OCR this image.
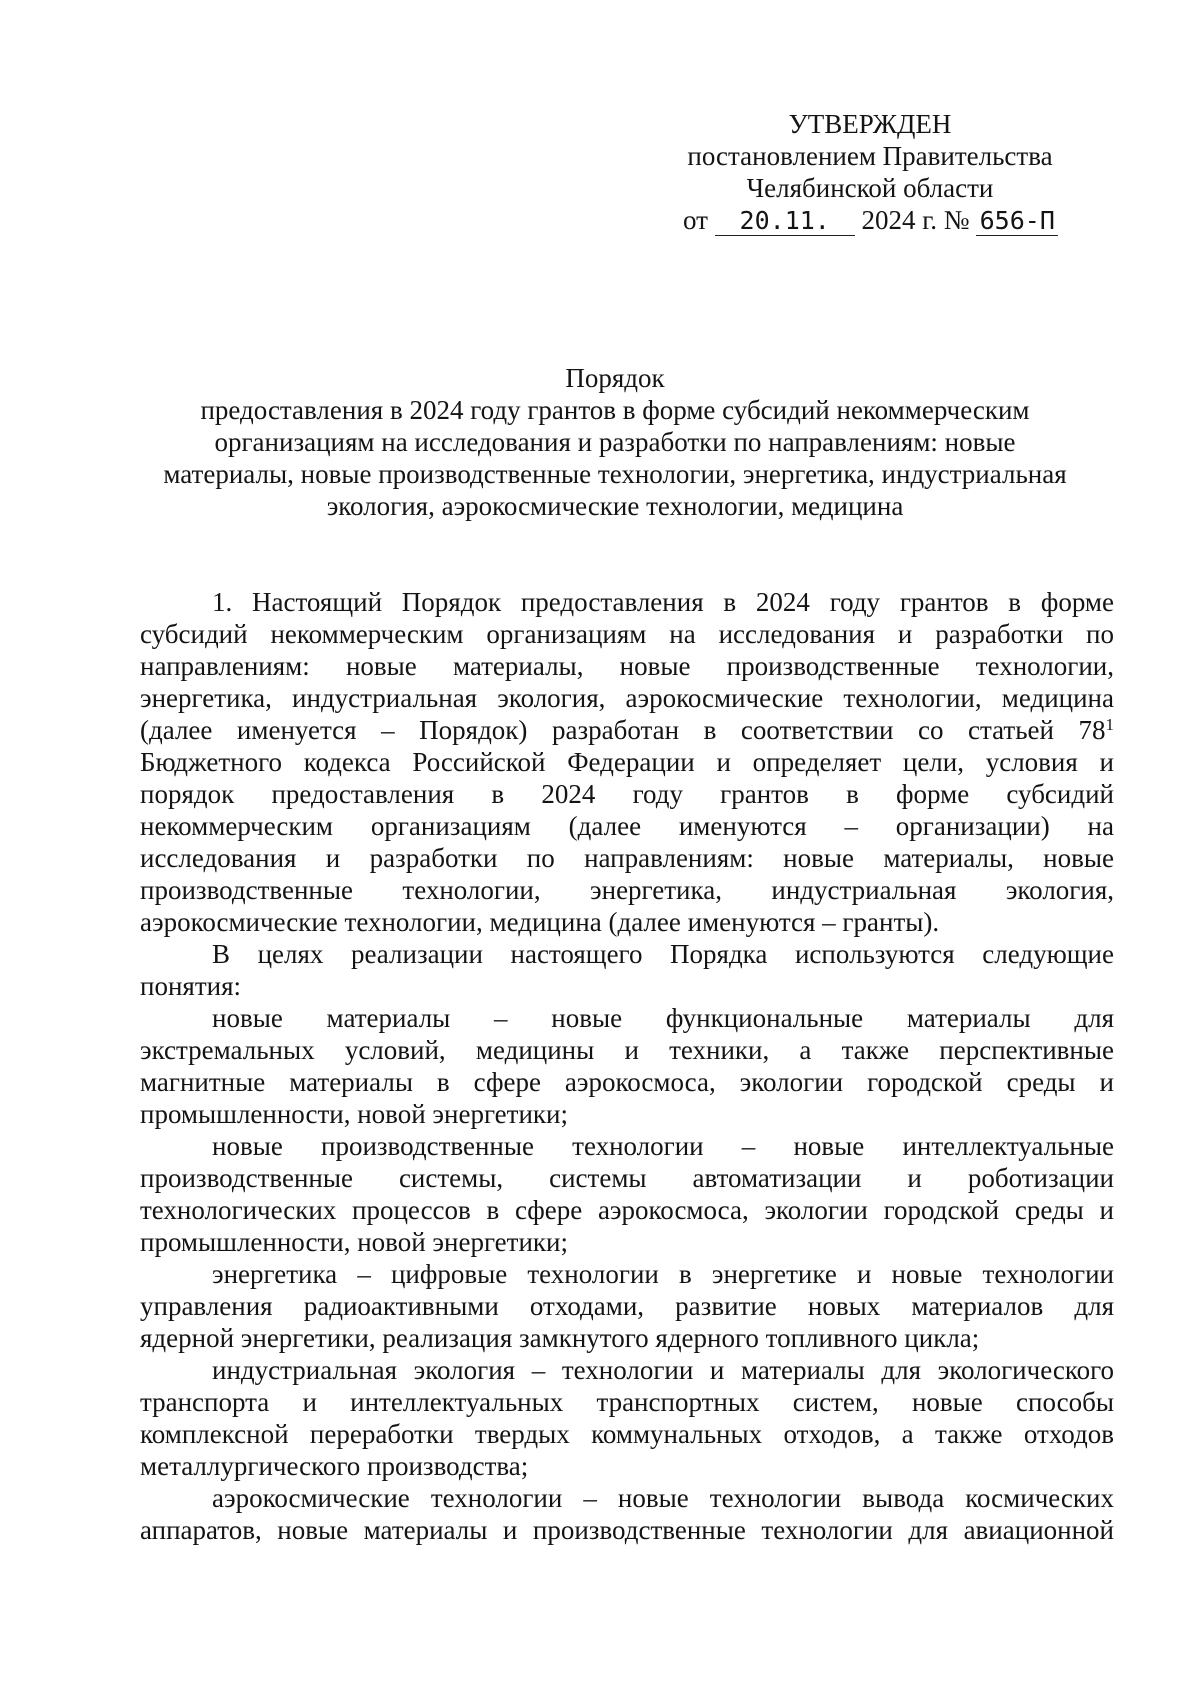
УТВЕРЖДЕН
постановлением Правительства
Челябинской области
от 20.11. 2024 г. № 656-П
Порядок
предоставления в 2024 году грантов в форме субсидий некоммерческим
организациям на исследования и разработки по направлениям: новые
материалы, новые производственные технологии, энергетика, индустриальная
экология, аэрокосмические технологии, медицина
1. Настоящий Порядок предоставления в 2024 году грантов в форме
субсидий некоммерческим организациям на исследования и разработки по
направлениям: новые материалы, новые производственные технологии,
энергетика, индустриальная экология, аэрокосмические технологии, медицина
(далее именуется – Порядок) разработан в соответствии со статьей $78^1$
Бюджетного кодекса Российской Федерации и определяет цели, условия и
порядок предоставления в 2024 году грантов в форме субсидий
некоммерческим организациям (далее именуются – организации) на
исследования и разработки по направлениям: новые материалы, новые
производственные технологии, энергетика, индустриальная экология,
аэрокосмические технологии, медицина (далее именуются – гранты).
В целях реализации настоящего Порядка используются следующие
понятия:
новые материалы – новые функциональные материалы для
экстремальных условий, медицины и техники, а также перспективные
магнитные материалы в сфере аэрокосмоса, экологии городской среды и
промышленности, новой энергетики;
новые производственные технологии – новые интеллектуальные
производственные системы, системы автоматизации и роботизации
технологических процессов в сфере аэрокосмоса, экологии городской среды и
промышленности, новой энергетики;
энергетика – цифровые технологии в энергетике и новые технологии
управления радиоактивными отходами, развитие новых материалов для
ядерной энергетики, реализация замкнутого ядерного топливного цикла;
индустриальная экология – технологии и материалы для экологического
транспорта и интеллектуальных транспортных систем, новые способы
комплексной переработки твердых коммунальных отходов, а также отходов
металлургического производства;
аэрокосмические технологии – новые технологии вывода космических
аппаратов, новые материалы и производственные технологии для авиационной
